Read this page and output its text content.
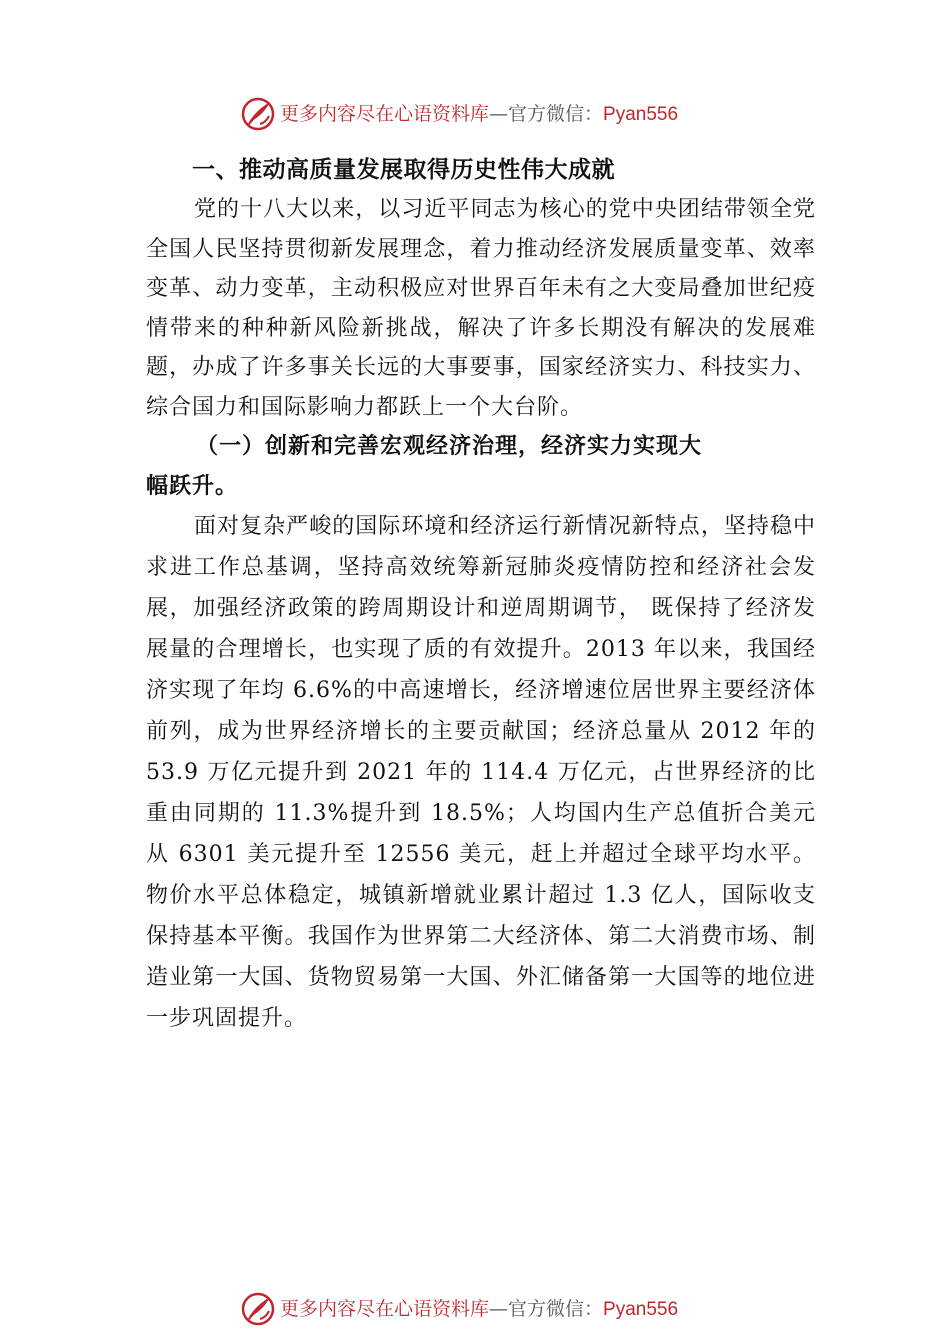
更多内容尽在心语资料库—官方微信：Pyan556
一、推动高质量发展取得历史性伟大成就

党的十八大以来，以习近平同志为核心的党中央团结带领全党全国人民坚持贯彻新发展理念，着力推动经济发展质量变革、效率变革、动力变革，主动积极应对世界百年未有之大变局叠加世纪疫情带来的种种新风险新挑战，解决了许多长期没有解决的发展难题，办成了许多事关长远的大事要事，国家经济实力、科技实力、综合国力和国际影响力都跃上一个大台阶。

（一）创新和完善宏观经济治理，经济实力实现大
幅跃升。

面对复杂严峻的国际环境和经济运行新情况新特点，坚持稳中求进工作总基调，坚持高效统筹新冠肺炎疫情防控和经济社会发展，加强经济政策的跨周期设计和逆周期调节， 既保持了经济发展量的合理增长，也实现了质的有效提升。2013 年以来，我国经济实现了年均 6.6%的中高速增长，经济增速位居世界主要经济体前列，成为世界经济增长的主要贡献国；经济总量从 2012 年的 53.9 万亿元提升到 2021 年的 114.4 万亿元，占世界经济的比重由同期的 11.3%提升到 18.5%；人均国内生产总值折合美元从 6301 美元提升至 12556 美元，赶上并超过全球平均水平。物价水平总体稳定，城镇新增就业累计超过 1.3 亿人，国际收支保持基本平衡。我国作为世界第二大经济体、第二大消费市场、制造业第一大国、货物贸易第一大国、外汇储备第一大国等的地位进一步巩固提升。

更多内容尽在心语资料库—官方微信：Pyan556
